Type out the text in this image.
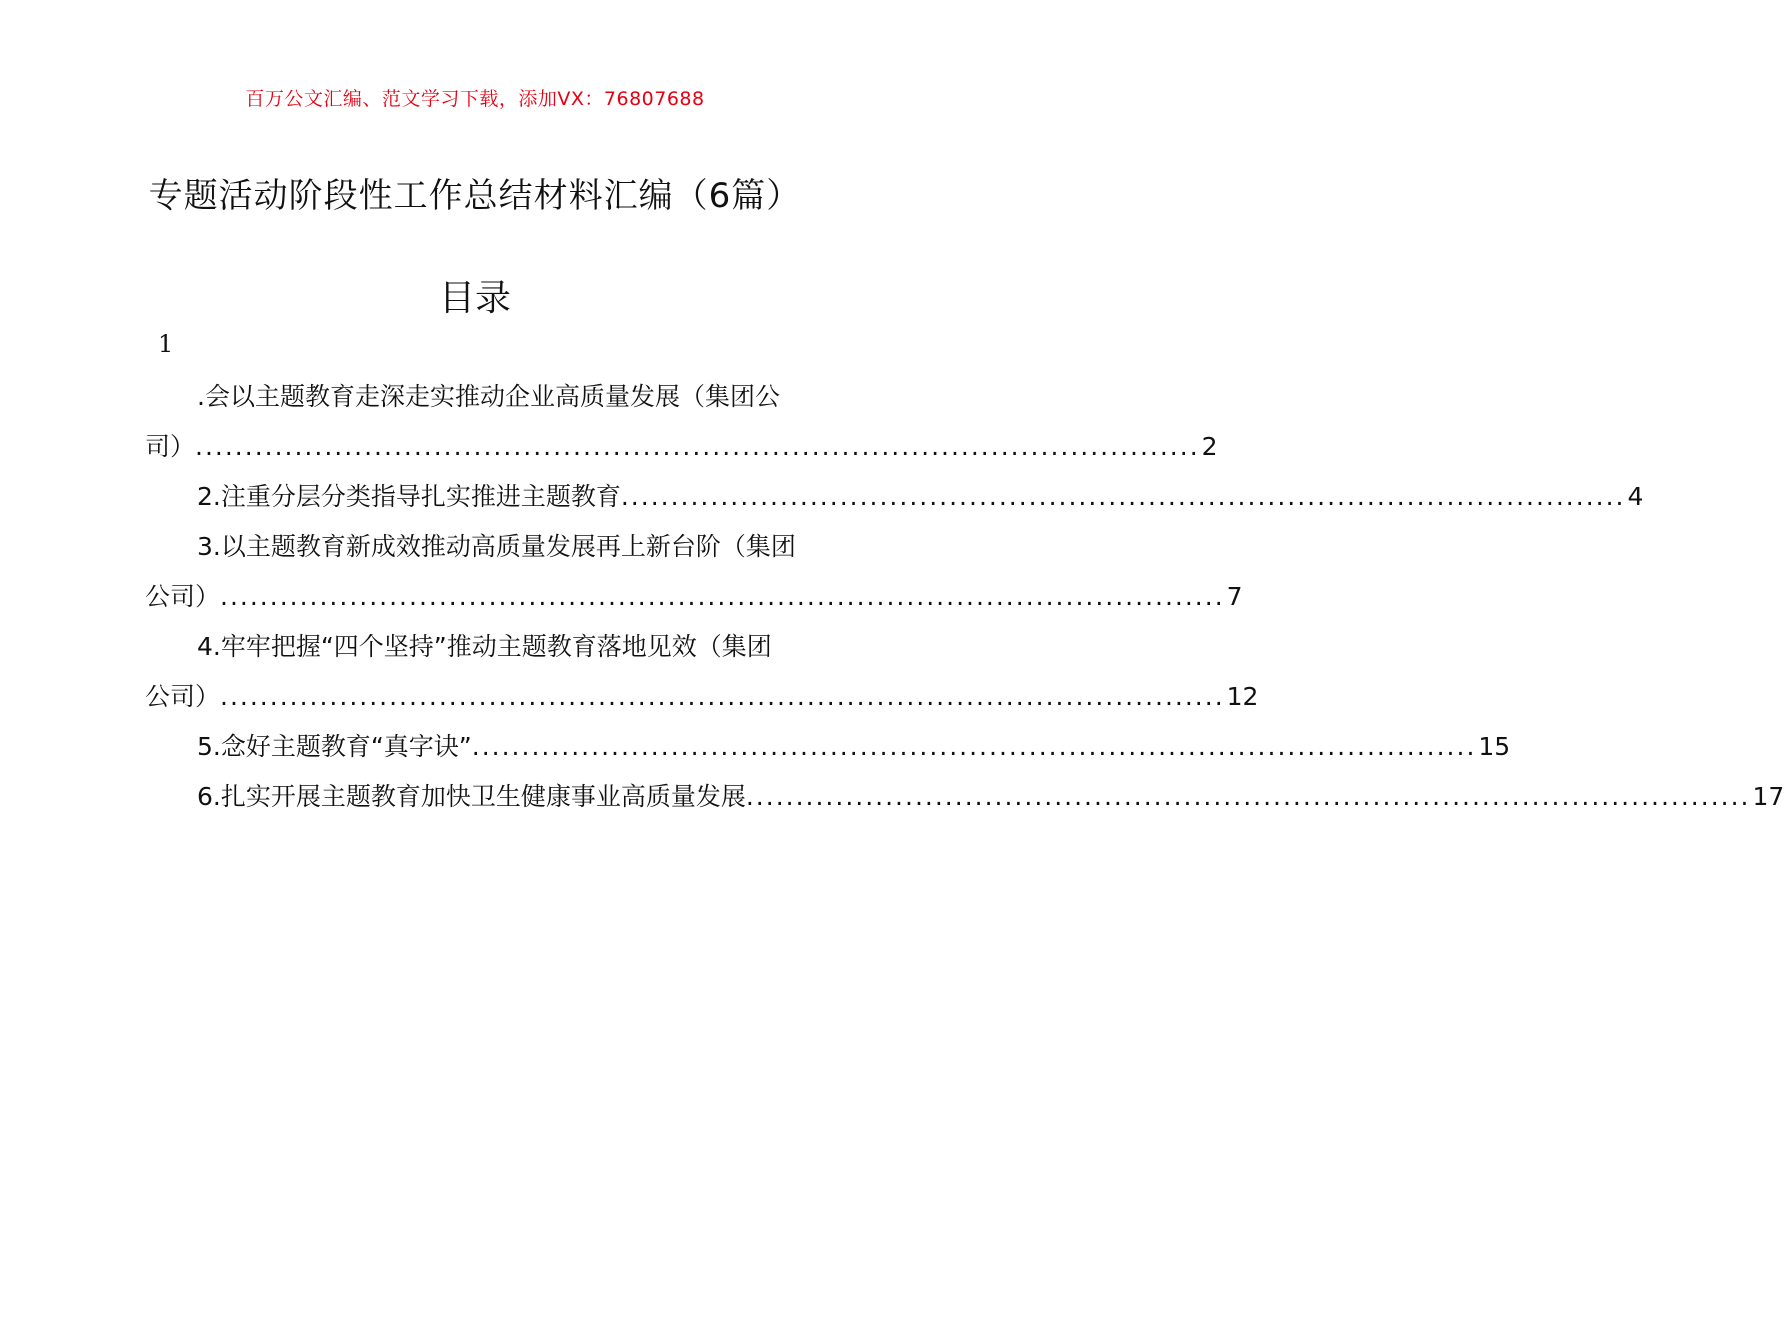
百万公文汇编、范文学习下载，添加VX：76807688
专题活动阶段性工作总结材料汇编（6篇）
目录
1
.会以主题教育走深走实推动企业高质量发展（集团公
司） ..................................................................................................... 2
2.注重分层分类指导扎实推进主题教育 ..................................................................................................... 4
3.以主题教育新成效推动高质量发展再上新台阶（集团
公司） ..................................................................................................... 7
4.牢牢把握“四个坚持”推动主题教育落地见效（集团
公司） ..................................................................................................... 12
5.念好主题教育“真字诀” ..................................................................................................... 15
6.扎实开展主题教育加快卫生健康事业高质量发展 ..................................................................................................... 17
